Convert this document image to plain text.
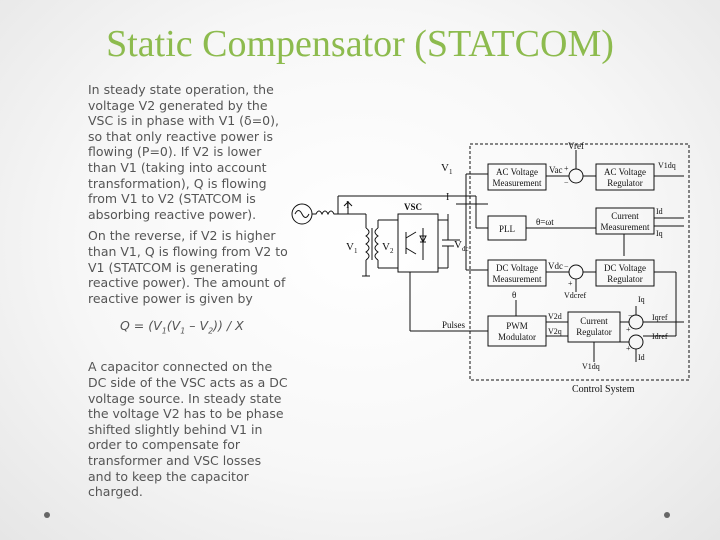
Static Compensator (STATCOM)

In steady state operation, the voltage V2 generated by the VSC is in phase with V1 (δ=0), so that only reactive power is flowing (P=0). If V2 is lower than V1 (taking into account transformation), Q is flowing from V1 to V2 (STATCOM is absorbing reactive power).

On the reverse, if V2 is higher than V1, Q is flowing from V2 to V1 (STATCOM is generating reactive power). The amount of reactive power is given by

$Q = (V_1(V_1 - V_2)) / X$

A capacitor connected on the DC side of the VSC acts as a DC voltage source. In steady state the voltage V2 has to be phase shifted slightly behind V1 in order to compensate for transformer and VSC losses and to keep the capacitor charged.

AC Voltage
Measurement
AC Voltage
Regulator
PLL
Current
Measurement
DC Voltage
Measurement
DC Voltage
Regulator
PWM
Modulator
Current
Regulator
Vref
$V_1$
I
I
Vac	V1dq
Id
Iq
θ=ωt
Vdc
Vdcref
θ
V2d
V2q
V1dq
Iq
Iqref
Idref
Id
Pulses
VSC
$V_1$ $V_2$	$V_{dc}$
Control System
+
−
−
+
−
+
+
